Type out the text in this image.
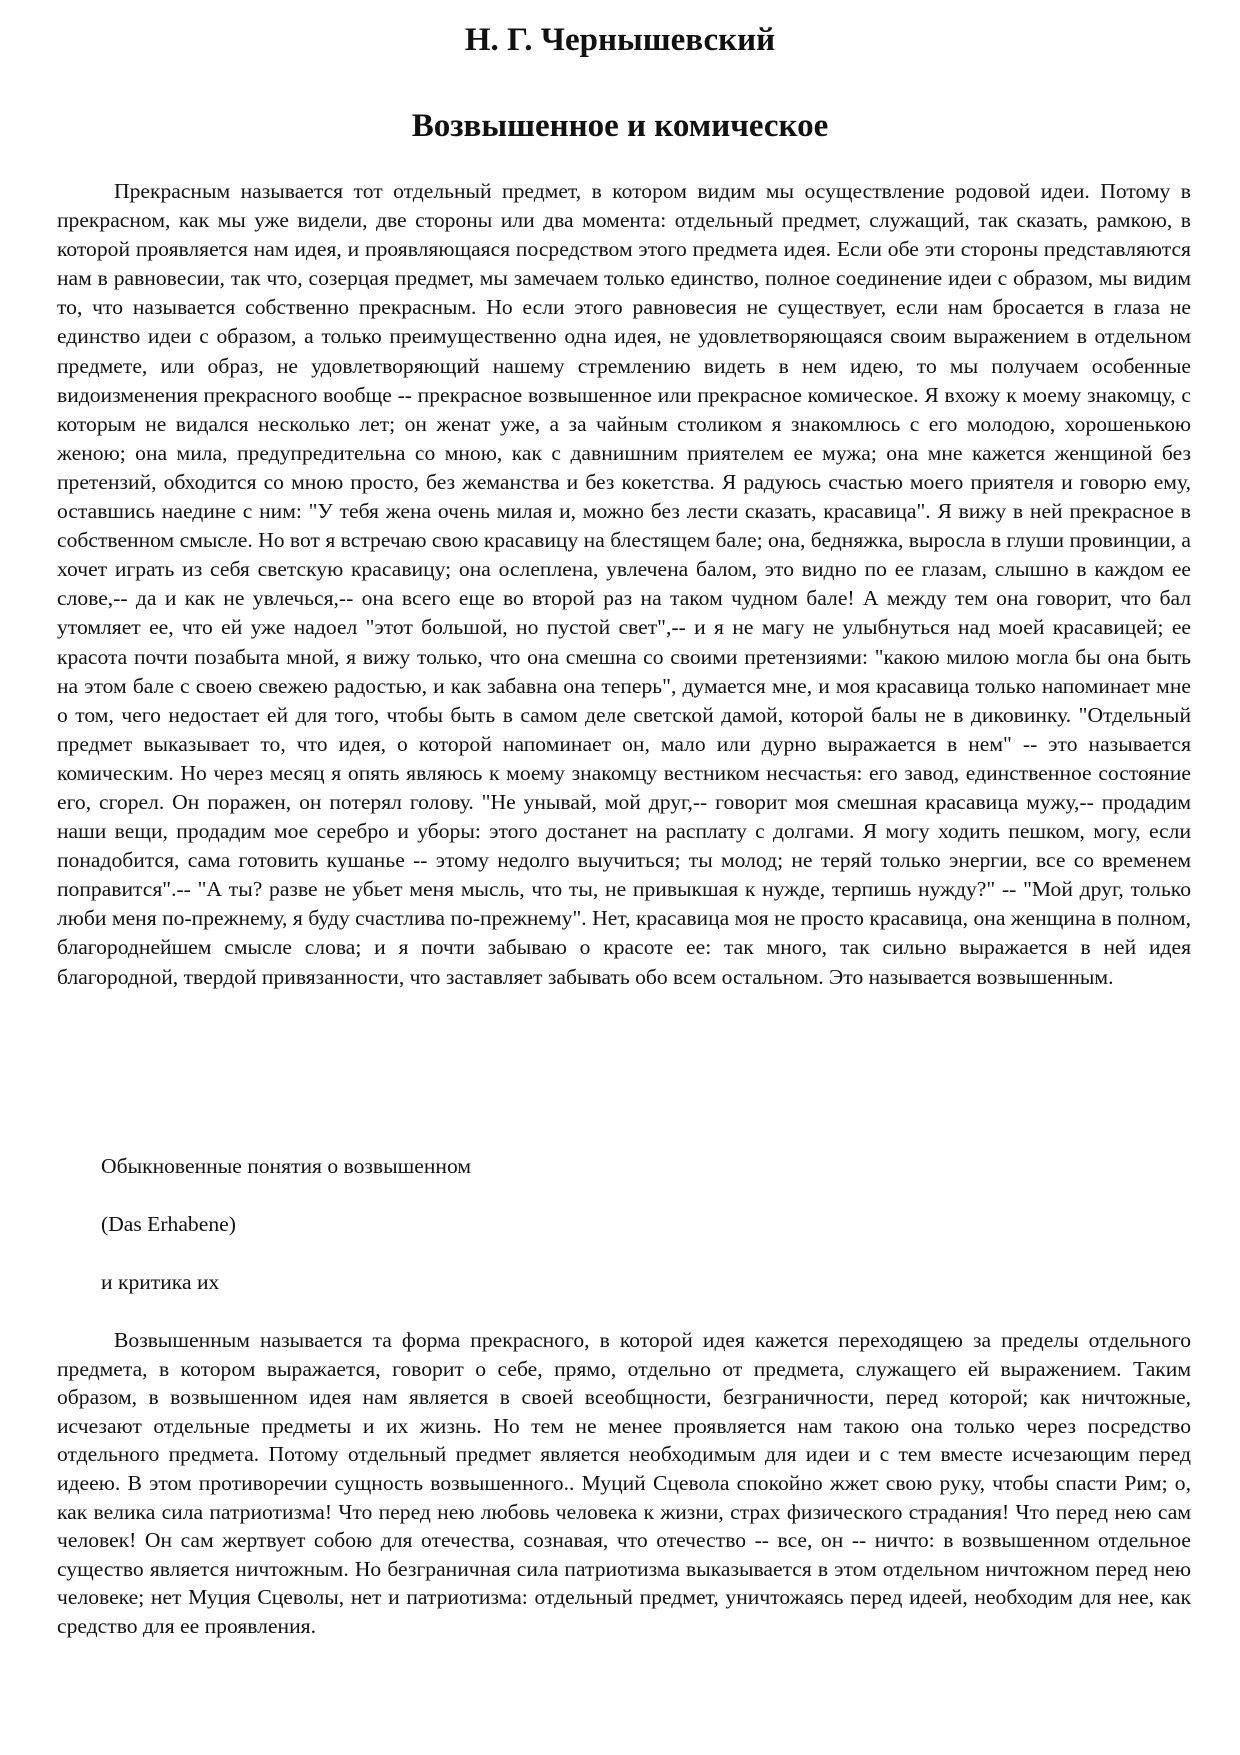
Н. Г. Чернышевский
Возвышенное и комическое

Прекрасным называется тот отдельный предмет, в котором видим мы осуществление родовой идеи. Потому в прекрасном, как мы уже видели, две стороны или два момента: отдельный предмет, служащий, так сказать, рамкою, в которой проявляется нам идея, и проявляющаяся посредством этого предмета идея. Если обе эти стороны представляются нам в равновесии, так что, созерцая предмет, мы замечаем только единство, полное соединение идеи с образом, мы видим то, что называется собственно прекрасным. Но если этого равновесия не существует, если нам бросается в глаза не единство идеи с образом, а только преимущественно одна идея, не удовлетворяющаяся своим выражением в отдельном предмете, или образ, не удовлетворяющий нашему стремлению видеть в нем идею, то мы получаем особенные видоизменения прекрасного вообще -- прекрасное возвышенное или прекрасное комическое. Я вхожу к моему знакомцу, с которым не видался несколько лет; он женат уже, а за чайным столиком я знакомлюсь с его молодою, хорошенькою женою; она мила, предупредительна со мною, как с давнишним приятелем ее мужа; она мне кажется женщиной без претензий, обходится со мною просто, без жеманства и без кокетства. Я радуюсь счастью моего приятеля и говорю ему, оставшись наедине с ним: "У тебя жена очень милая и, можно без лести сказать, красавица". Я вижу в ней прекрасное в собственном смысле. Но вот я встречаю свою красавицу на блестящем бале; она, бедняжка, выросла в глуши провинции, а хочет играть из себя светскую красавицу; она ослеплена, увлечена балом, это видно по ее глазам, слышно в каждом ее слове,-- да и как не увлечься,-- она всего еще во второй раз на таком чудном бале! А между тем она говорит, что бал утомляет ее, что ей уже надоел "этот большой, но пустой свет",-- и я не магу не улыбнуться над моей красавицей; ее красота почти позабыта мной, я вижу только, что она смешна со своими претензиями: "какою милою могла бы она быть на этом бале с своею свежею радостью, и как забавна она теперь", думается мне, и моя красавица только напоминает мне о том, чего недостает ей для того, чтобы быть в самом деле светской дамой, которой балы не в диковинку. "Отдельный предмет выказывает то, что идея, о которой напоминает он, мало или дурно выражается в нем" -- это называется комическим. Но через месяц я опять являюсь к моему знакомцу вестником несчастья: его завод, единственное состояние его, сгорел. Он поражен, он потерял голову. "Не унывай, мой друг,-- говорит моя смешная красавица мужу,-- продадим наши вещи, продадим мое серебро и уборы: этого достанет на расплату с долгами. Я могу ходить пешком, могу, если понадобится, сама готовить кушанье -- этому недолго выучиться; ты молод; не теряй только энергии, все со временем поправится".-- "А ты? разве не убьет меня мысль, что ты, не привыкшая к нужде, терпишь нужду?" -- "Мой друг, только люби меня по-прежнему, я буду счастлива по-прежнему". Нет, красавица моя не просто красавица, она женщина в полном, благороднейшем смысле слова; и я почти забываю о красоте ее: так много, так сильно выражается в ней идея благородной, твердой привязанности, что заставляет забывать обо всем остальном. Это называется возвышенным.

Обыкновенные понятия о возвышенном

(Das Erhabene)

и критика их

Возвышенным называется та форма прекрасного, в которой идея кажется переходящею за пределы отдельного предмета, в котором выражается, говорит о себе, прямо, отдельно от предмета, служащего ей выражением. Таким образом, в возвышенном идея нам является в своей всеобщности, безграничности, перед которой; как ничтожные, исчезают отдельные предметы и их жизнь. Но тем не менее проявляется нам такою она только через посредство отдельного предмета. Потому отдельный предмет является необходимым для идеи и с тем вместе исчезающим перед идеею. В этом противоречии сущность возвышенного.. Муций Сцевола спокойно жжет свою руку, чтобы спасти Рим; о, как велика сила патриотизма! Что перед нею любовь человека к жизни, страх физического страдания! Что перед нею сам человек! Он сам жертвует собою для отечества, сознавая, что отечество -- все, он -- ничто: в возвышенном отдельное существо является ничтожным. Но безграничная сила патриотизма выказывается в этом отдельном ничтожном перед нею человеке; нет Муция Сцеволы, нет и патриотизма: отдельный предмет, уничтожаясь перед идеей, необходим для нее, как средство для ее проявления.
